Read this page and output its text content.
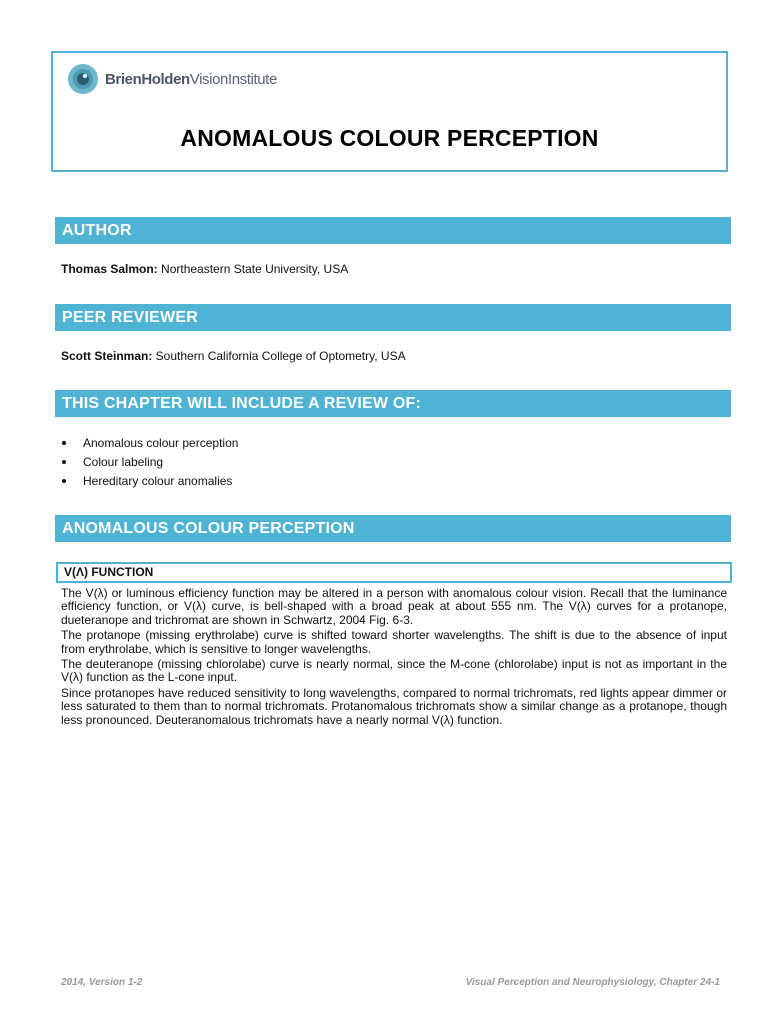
BrienHoldenVisionInstitute
ANOMALOUS COLOUR PERCEPTION
AUTHOR
Thomas Salmon: Northeastern State University, USA
PEER REVIEWER
Scott Steinman: Southern California College of Optometry, USA
THIS CHAPTER WILL INCLUDE A REVIEW OF:
Anomalous colour perception
Colour labeling
Hereditary colour anomalies
ANOMALOUS COLOUR PERCEPTION
V(Λ) FUNCTION

The V(λ) or luminous efficiency function may be altered in a person with anomalous colour vision. Recall that the luminance efficiency function, or V(λ) curve, is bell-shaped with a broad peak at about 555 nm. The V(λ) curves for a protanope, dueteranope and trichromat are shown in Schwartz, 2004 Fig. 6-3.

The protanope (missing erythrolabe) curve is shifted toward shorter wavelengths. The shift is due to the absence of input from erythrolabe, which is sensitive to longer wavelengths.

The deuteranope (missing chlorolabe) curve is nearly normal, since the M-cone (chlorolabe) input is not as important in the V(λ) function as the L-cone input.

Since protanopes have reduced sensitivity to long wavelengths, compared to normal trichromats, red lights appear dimmer or less saturated to them than to normal trichromats. Protanomalous trichromats show a similar change as a protanope, though less pronounced. Deuteranomalous trichromats have a nearly normal V(λ) function.

2014, Version 1-2	Visual Perception and Neurophysiology, Chapter 24-1
